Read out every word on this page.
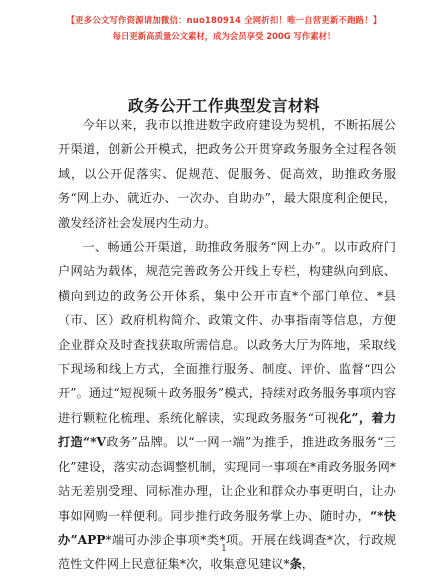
【更多公文写作资源请加微信：nuo180914 全网折扣！唯一自营更新不跑路！】
每日更新高质量公文素材，成为会员享受 200G 写作素材！
政务公开工作典型发言材料

今年以来，我市以推进数字政府建设为契机，不断拓展公开渠道，创新公开模式，把政务公开贯穿政务服务全过程各领域，以公开促落实、促规范、促服务、促高效，助推政务服务“网上办、就近办、一次办、自助办”，最大限度利企便民，激发经济社会发展内生动力。

一、畅通公开渠道，助推政务服务“网上办”。以市政府门户网站为载体，规范完善政务公开线上专栏，构建纵向到底、横向到边的政务公开体系，集中公开市直*个部门单位、*县（市、区）政府机构简介、政策文件、办事指南等信息，方便企业群众及时查找获取所需信息。以政务大厅为阵地，采取线下现场和线上方式，全面推行服务、制度、评价、监督“四公开”。通过“短视频＋政务服务”模式，持续对政务服务事项内容进行颗粒化梳理、系统化解读，实现政务服务“可视化”，着力打造“*V政务”品牌。以“一网一端”为推手，推进政务服务“三化”建设，落实动态调整机制，实现同一事项在*甫政务服务网*站无差别受理、同标准办理，让企业和群众办事更明白，让办事如网购一样便利。同步推行政务服务掌上办、随时办，“*快办”APP*端可办涉企事项*类*项。开展在线调查*次，行政规范性文件网上民意征集*次，收集意见建议*条，

1
